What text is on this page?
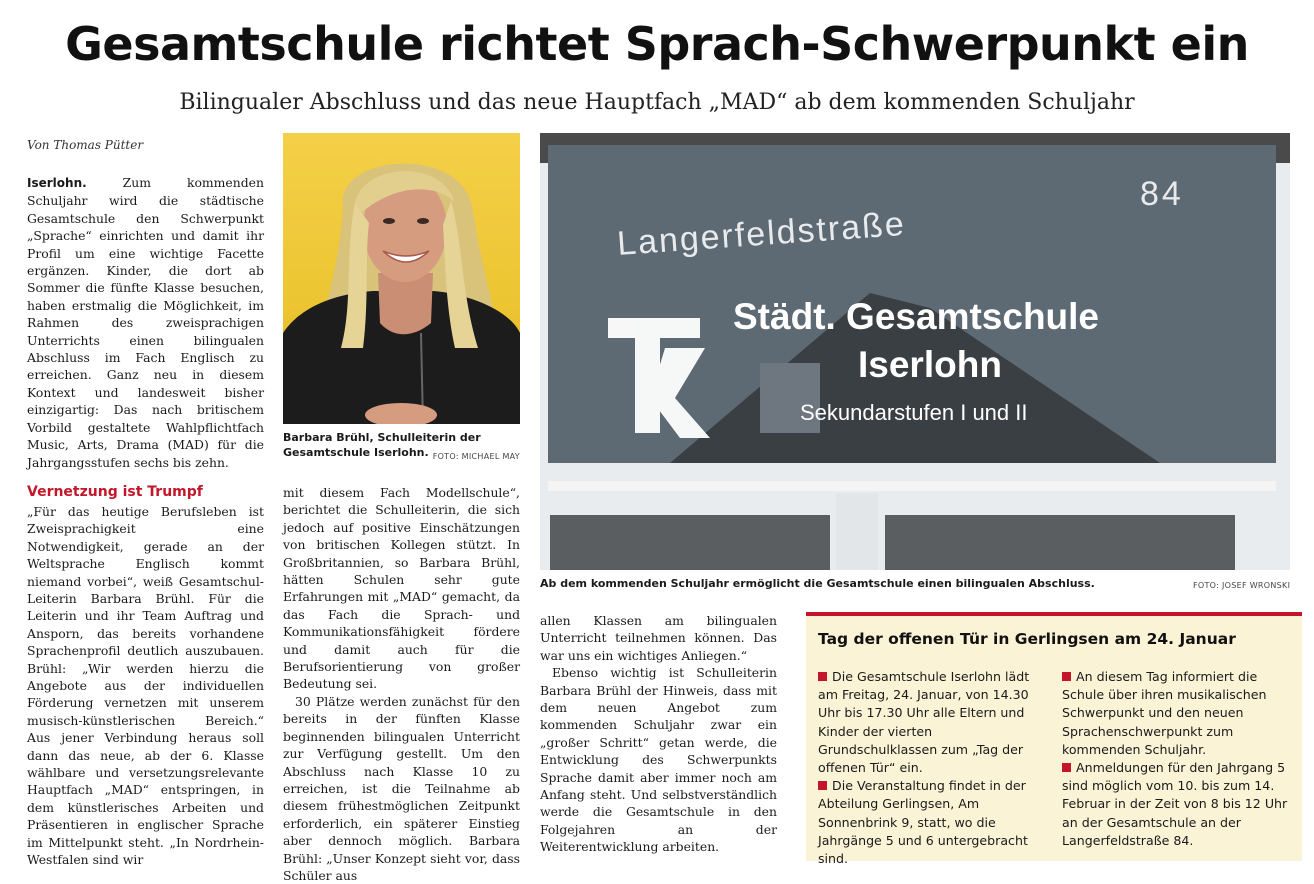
Gesamtschule richtet Sprach-Schwerpunkt ein
Bilingualer Abschluss und das neue Hauptfach „MAD“ ab dem kommenden Schuljahr
Von Thomas Pütter

Iserlohn.	Zum kommenden Schuljahr wird die städtische Gesamtschule den Schwerpunkt „Sprache“ einrichten und damit ihr Profil um eine wichtige Facette ergänzen. Kinder, die dort ab Sommer die fünfte Klasse besuchen, haben erstmalig die Möglichkeit, im Rahmen des zweisprachigen Unterrichts einen bilingualen Abschluss im Fach Englisch zu erreichen. Ganz neu in diesem Kontext und landesweit bisher einzigartig: Das nach britischem Vorbild gestaltete Wahlpflichtfach Music, Arts, Drama (MAD) für die Jahrgangsstufen sechs bis zehn.

Vernetzung ist Trumpf

„Für das heutige Berufsleben ist Zweisprachigkeit eine Notwendigkeit, gerade an der Weltsprache Englisch kommt niemand vorbei“, weiß Gesamtschul-Leiterin Barbara Brühl. Für die Leiterin und ihr Team Auftrag und Ansporn, das bereits vorhandene Sprachenprofil deutlich auszubauen. Brühl: „Wir werden hierzu die Angebote aus der individuellen Förderung vernetzen mit unserem musisch-künstlerischen Bereich.“ Aus jener Verbindung heraus soll dann das neue, ab der 6. Klasse wählbare und versetzungsrelevante Hauptfach „MAD“ entspringen, in dem künstlerisches Arbeiten und Präsentieren in englischer Sprache im Mittelpunkt steht. „In Nordrhein-Westfalen sind wir

Barbara Brühl, Schulleiterin der Gesamtschule Iserlohn. FOTO: MICHAEL MAY

mit diesem Fach Modellschule“, berichtet die Schulleiterin, die sich jedoch auf positive Einschätzungen von britischen Kollegen stützt. In Großbritannien, so Barbara Brühl, hätten Schulen sehr gute Erfahrungen mit „MAD“ gemacht, da das Fach die Sprach- und Kommunikationsfähigkeit fördere und damit auch für die Berufsorientierung von großer Bedeutung sei.

30 Plätze werden zunächst für den bereits in der fünften Klasse beginnenden bilingualen Unterricht zur Verfügung gestellt. Um den Abschluss nach Klasse 10 zu erreichen, ist die Teilnahme ab diesem frühestmöglichen Zeitpunkt erforderlich, ein späterer Einstieg aber dennoch möglich. Barbara Brühl: „Unser Konzept sieht vor, dass Schüler aus

Langerfeldstraße
84
Städt. Gesamtschule
Iserlohn
Sekundarstufen I und II
Ab dem kommenden Schuljahr ermöglicht die Gesamtschule einen bilingualen Abschluss.	FOTO: JOSEF WRONSKI

allen Klassen am bilingualen Unterricht teilnehmen können. Das war uns ein wichtiges Anliegen.“

Ebenso wichtig ist Schulleiterin Barbara Brühl der Hinweis, dass mit dem neuen Angebot zum kommenden Schuljahr zwar ein „großer Schritt“ getan werde, die Entwicklung des Schwerpunkts Sprache damit aber immer noch am Anfang steht. Und selbstverständlich werde die Gesamtschule in den Folgejahren an der Weiterentwicklung arbeiten.

Tag der offenen Tür in Gerlingsen am 24. Januar

Die Gesamtschule Iserlohn lädt am Freitag, 24. Januar, von 14.30 Uhr bis 17.30 Uhr alle Eltern und Kinder der vierten Grundschulklassen zum „Tag der offenen Tür“ ein.

Die Veranstaltung findet in der Abteilung Gerlingsen, Am Sonnenbrink 9, statt, wo die Jahrgänge 5 und 6 untergebracht sind.

An diesem Tag informiert die Schule über ihren musikalischen Schwerpunkt und den neuen Sprachenschwerpunkt zum kommenden Schuljahr.

Anmeldungen für den Jahrgang 5 sind möglich vom 10. bis zum 14. Februar in der Zeit von 8 bis 12 Uhr an der Gesamtschule an der Langerfeldstraße 84.
